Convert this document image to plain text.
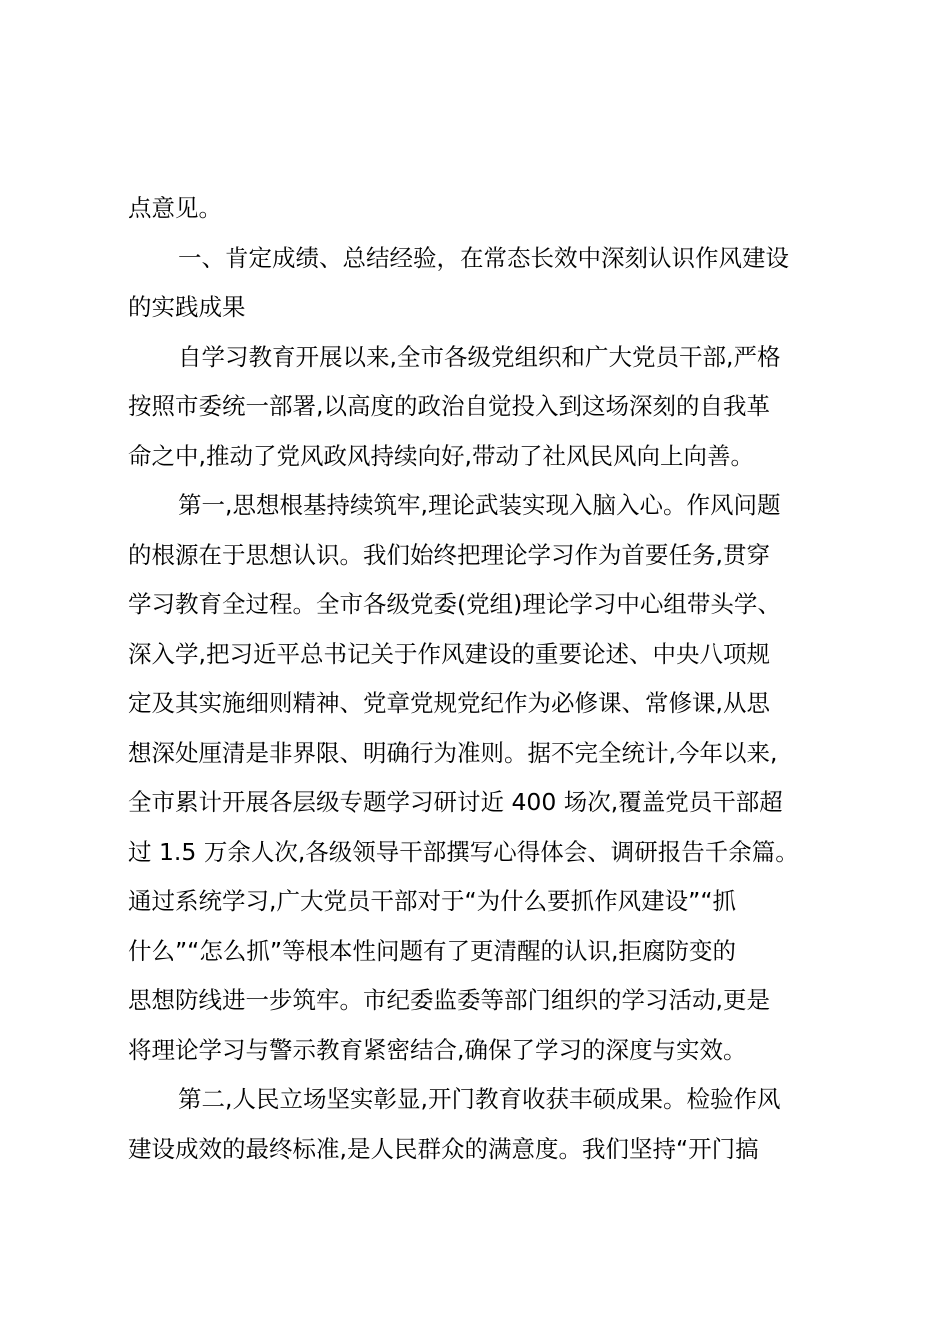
点意见。
一、肯定成绩、总结经验，在常态长效中深刻认识作风建设
的实践成果
自学习教育开展以来,全市各级党组织和广大党员干部,严格
按照市委统一部署,以高度的政治自觉投入到这场深刻的自我革
命之中,推动了党风政风持续向好,带动了社风民风向上向善。
第一,思想根基持续筑牢,理论武装实现入脑入心。作风问题
的根源在于思想认识。我们始终把理论学习作为首要任务,贯穿
学习教育全过程。全市各级党委(党组)理论学习中心组带头学、
深入学,把习近平总书记关于作风建设的重要论述、中央八项规
定及其实施细则精神、党章党规党纪作为必修课、常修课,从思
想深处厘清是非界限、明确行为准则。据不完全统计,今年以来,
全市累计开展各层级专题学习研讨近 400 场次,覆盖党员干部超
过 1.5 万余人次,各级领导干部撰写心得体会、调研报告千余篇。
通过系统学习,广大党员干部对于“为什么要抓作风建设”“抓
什么”“怎么抓”等根本性问题有了更清醒的认识,拒腐防变的
思想防线进一步筑牢。市纪委监委等部门组织的学习活动,更是
将理论学习与警示教育紧密结合,确保了学习的深度与实效。
第二,人民立场坚实彰显,开门教育收获丰硕成果。检验作风
建设成效的最终标准,是人民群众的满意度。我们坚持“开门搞
